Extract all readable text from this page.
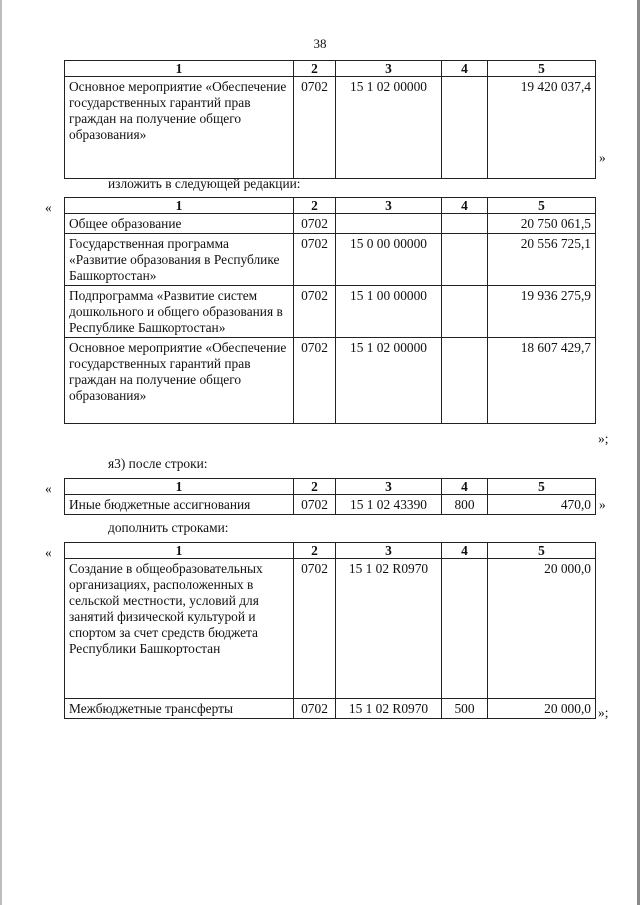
38
1	2	3	4	5
Основное мероприятие «Обеспечение государственных гарантий прав граждан на получение общего образования»	0702	15 1 02 00000		19 420 037,4
»
изложить в следующей редакции:
«	1	2	3	4	5
Общее образование	0702			20 750 061,5
Государственная программа «Развитие образования в Республике Башкортостан»	0702	15 0 00 00000		20 556 725,1
Подпрограмма «Развитие систем дошкольного и общего образования в Республике Башкортостан»	0702	15 1 00 00000		19 936 275,9
Основное мероприятие «Обеспечение государственных гарантий прав граждан на получение общего образования»	0702	15 1 02 00000		18 607 429,7
»;
я3) после строки:
«	1	2	3	4	5
Иные бюджетные ассигнования	0702	15 1 02 43390	800	470,0 »
дополнить строками:
«	1	2	3	4	5
Создание в общеобразовательных организациях, расположенных в сельской местности, условий для занятий физической культурой и спортом за счет средств бюджета Республики Башкортостан	0702	15 1 02 R0970		20 000,0
Межбюджетные трансферты	0702	15 1 02 R0970	500	20 000,0 »;
